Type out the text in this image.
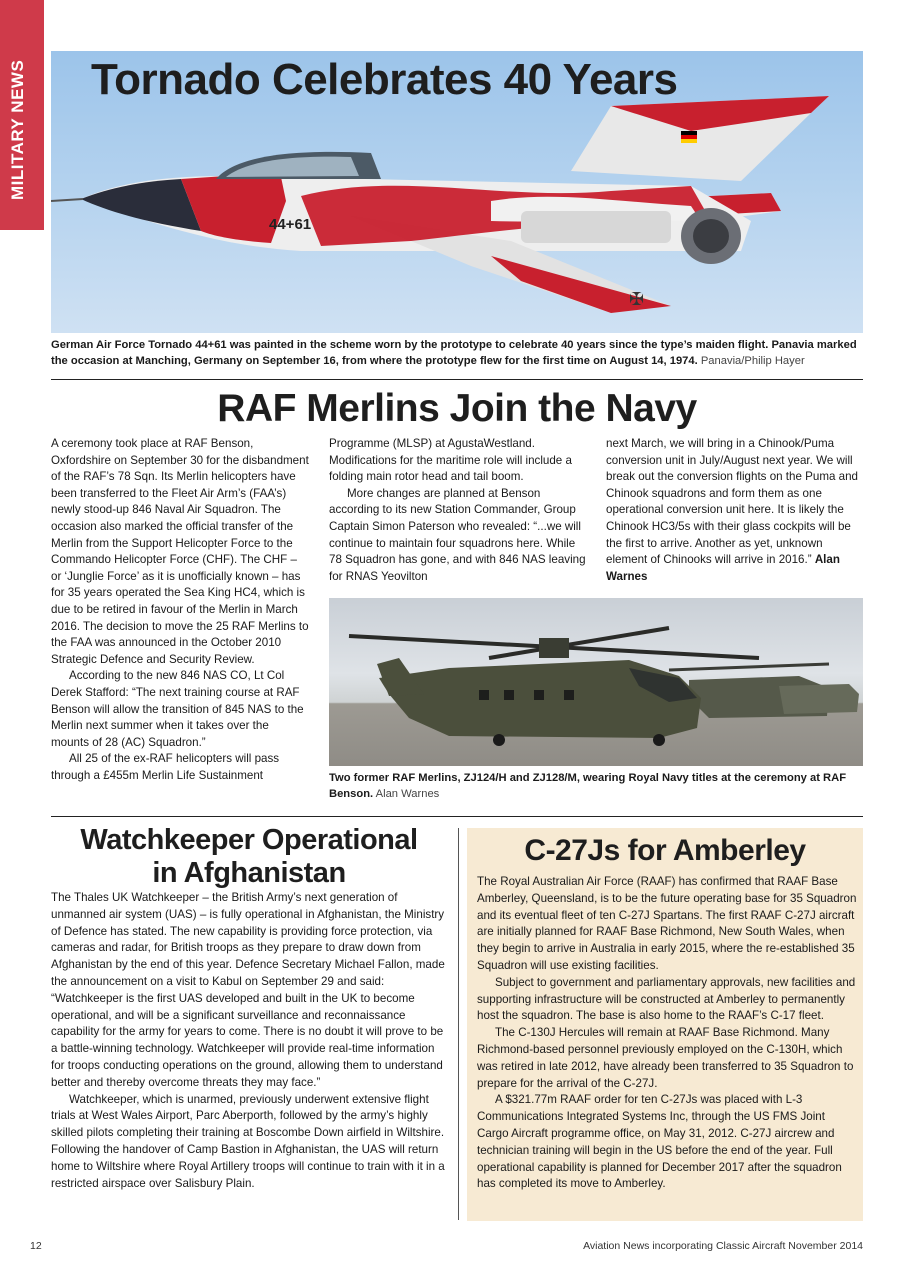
MILITARY NEWS
✠
44+61
Tornado Celebrates 40 Years
German Air Force Tornado 44+61 was painted in the scheme worn by the prototype to celebrate 40 years since the type’s maiden flight. Panavia marked the occasion at Manching, Germany on September 16, from where the prototype flew for the first time on August 14, 1974. Panavia/Philip Hayer
RAF Merlins Join the Navy

A ceremony took place at RAF Benson, Oxfordshire on September 30 for the disbandment of the RAF’s 78 Sqn. Its Merlin helicopters have been transferred to the Fleet Air Arm’s (FAA’s) newly stood-up 846 Naval Air Squadron. The occasion also marked the official transfer of the Merlin from the Support Helicopter Force to the Commando Helicopter Force (CHF). The CHF – or ‘Junglie Force’ as it is unofficially known – has for 35 years operated the Sea King HC4, which is due to be retired in favour of the Merlin in March 2016. The decision to move the 25 RAF Merlins to the FAA was announced in the October 2010 Strategic Defence and Security Review.

According to the new 846 NAS CO, Lt Col Derek Stafford: “The next training course at RAF Benson will allow the transition of 845 NAS to the Merlin next summer when it takes over the mounts of 28 (AC) Squadron.”

All 25 of the ex-RAF helicopters will pass through a £455m Merlin Life Sustainment

Programme (MLSP) at AgustaWestland. Modifications for the maritime role will include a folding main rotor head and tail boom.

More changes are planned at Benson according to its new Station Commander, Group Captain Simon Paterson who revealed: “...we will continue to maintain four squadrons here. While 78 Squadron has gone, and with 846 NAS leaving for RNAS Yeovilton

next March, we will bring in a Chinook/Puma conversion unit in July/August next year. We will break out the conversion flights on the Puma and Chinook squadrons and form them as one operational conversion unit here. It is likely the Chinook HC3/5s with their glass cockpits will be the first to arrive. Another as yet, unknown element of Chinooks will arrive in 2016.” Alan Warnes

Two former RAF Merlins, ZJ124/H and ZJ128/M, wearing Royal Navy titles at the ceremony at RAF Benson. Alan Warnes
Watchkeeper Operational
in Afghanistan

The Thales UK Watchkeeper – the British Army’s next generation of unmanned air system (UAS) – is fully operational in Afghanistan, the Ministry of Defence has stated. The new capability is providing force protection, via cameras and radar, for British troops as they prepare to draw down from Afghanistan by the end of this year. Defence Secretary Michael Fallon, made the announcement on a visit to Kabul on September 29 and said: “Watchkeeper is the first UAS developed and built in the UK to become operational, and will be a significant surveillance and reconnaissance capability for the army for years to come. There is no doubt it will prove to be a battle-winning technology. Watchkeeper will provide real-time information for troops conducting operations on the ground, allowing them to understand better and thereby overcome threats they may face.”

Watchkeeper, which is unarmed, previously underwent extensive flight trials at West Wales Airport, Parc Aberporth, followed by the army’s highly skilled pilots completing their training at Boscombe Down airfield in Wiltshire. Following the handover of Camp Bastion in Afghanistan, the UAS will return home to Wiltshire where Royal Artillery troops will continue to train with it in a restricted airspace over Salisbury Plain.

C-27Js for Amberley

The Royal Australian Air Force (RAAF) has confirmed that RAAF Base Amberley, Queensland, is to be the future operating base for 35 Squadron and its eventual fleet of ten C-27J Spartans. The first RAAF C-27J aircraft are initially planned for RAAF Base Richmond, New South Wales, when they begin to arrive in Australia in early 2015, where the re-established 35 Squadron will use existing facilities.

Subject to government and parliamentary approvals, new facilities and supporting infrastructure will be constructed at Amberley to permanently host the squadron. The base is also home to the RAAF’s C-17 fleet.

The C-130J Hercules will remain at RAAF Base Richmond. Many Richmond-based personnel previously employed on the C-130H, which was retired in late 2012, have already been transferred to 35 Squadron to prepare for the arrival of the C-27J.

A $321.77m RAAF order for ten C-27Js was placed with L-3 Communications Integrated Systems Inc, through the US FMS Joint Cargo Aircraft programme office, on May 31, 2012. C-27J aircrew and technician training will begin in the US before the end of the year. Full operational capability is planned for December 2017 after the squadron has completed its move to Amberley.

12	Aviation News incorporating Classic Aircraft November 2014
